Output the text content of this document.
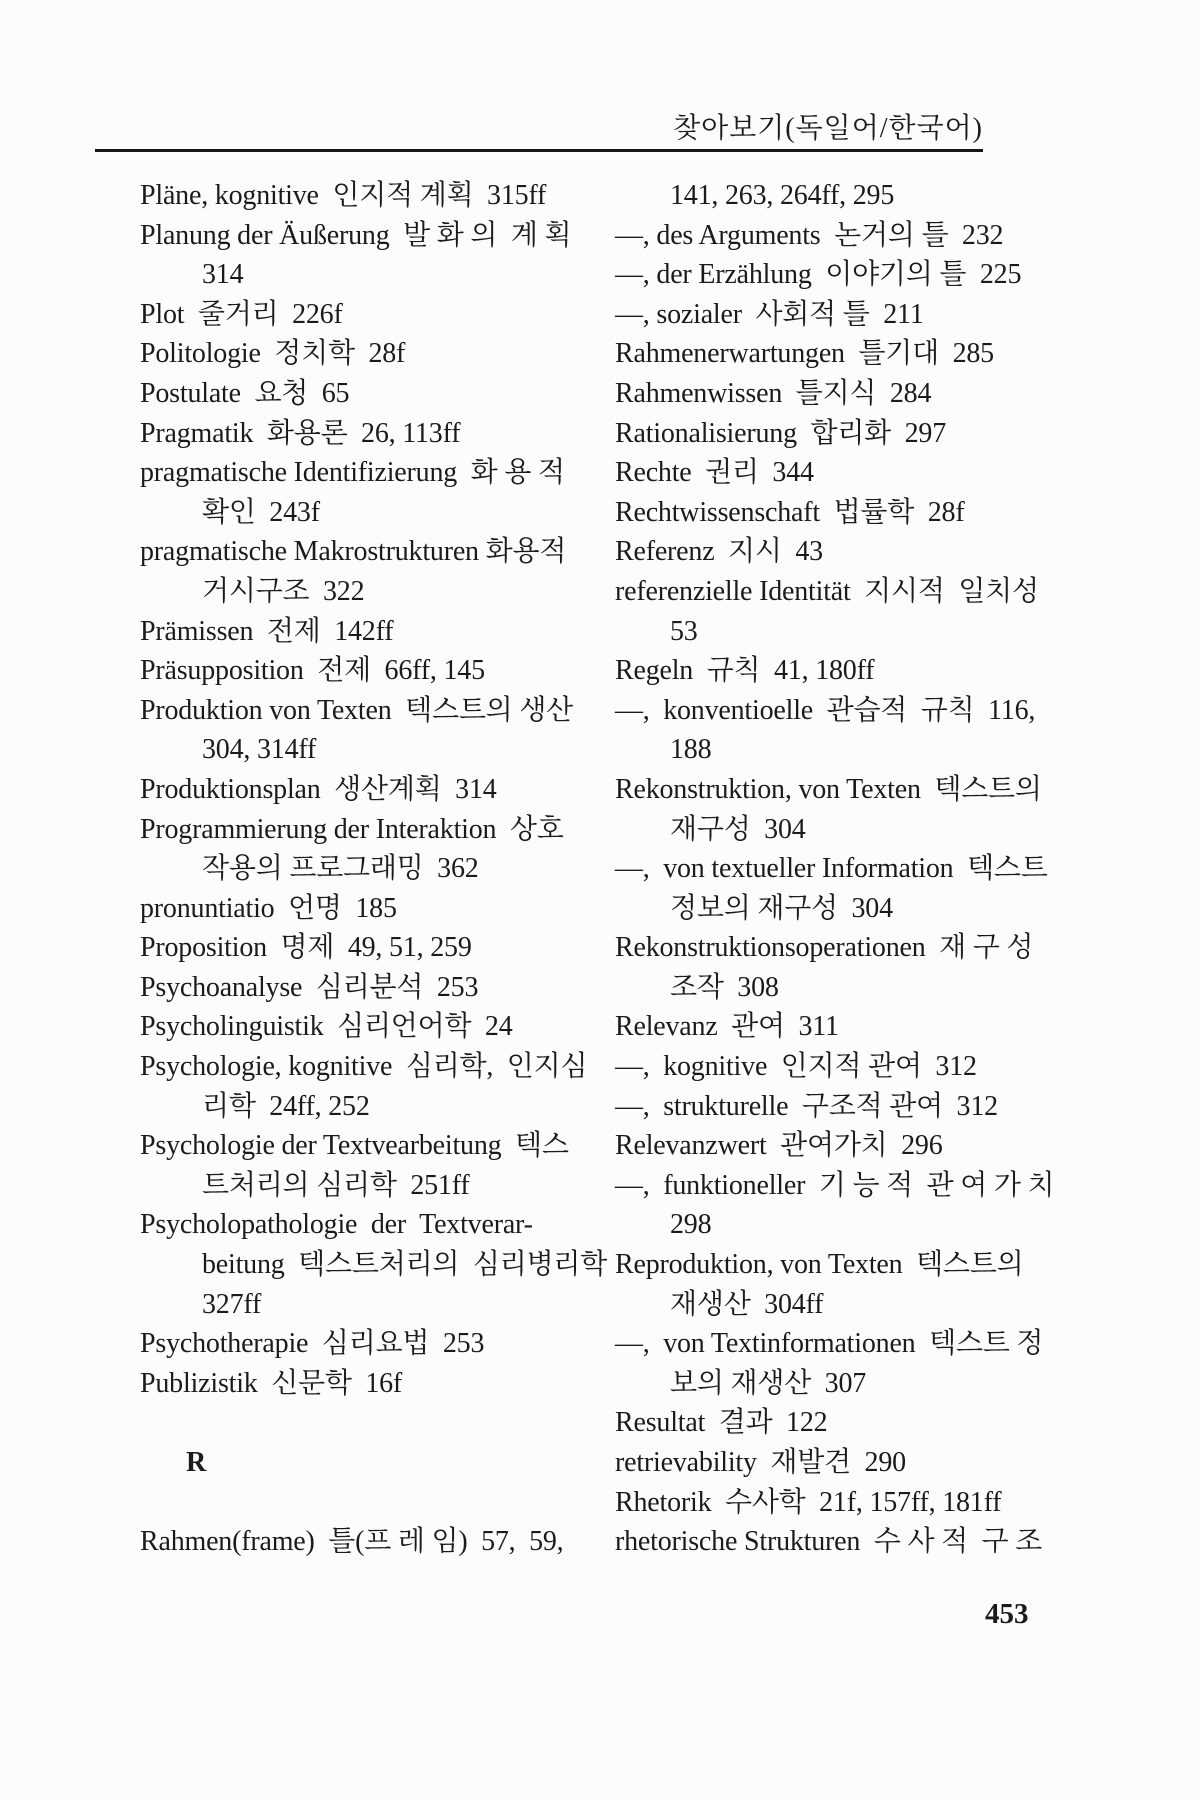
찾아보기(독일어/한국어)
Pläne, kognitive  인지적 계획  315ff
Planung der Äußerung  발 화 의  계 획
314
Plot  줄거리  226f
Politologie  정치학  28f
Postulate  요청  65
Pragmatik  화용론  26, 113ff
pragmatische Identifizierung  화 용 적
확인  243f
pragmatische Makrostrukturen 화용적
거시구조  322
Prämissen  전제  142ff
Präsupposition  전제  66ff, 145
Produktion von Texten  텍스트의 생산
304, 314ff
Produktionsplan  생산계획  314
Programmierung der Interaktion  상호
작용의 프로그래밍  362
pronuntiatio  언명  185
Proposition  명제  49, 51, 259
Psychoanalyse  심리분석  253
Psycholinguistik  심리언어학  24
Psychologie, kognitive  심리학,  인지심
리학  24ff, 252
Psychologie der Textvearbeitung  텍스
트처리의 심리학  251ff
Psycholopathologie  der  Textverar-
beitung  텍스트처리의  심리병리학
327ff
Psychotherapie  심리요법  253
Publizistik  신문학  16f

R

Rahmen(frame)  틀(프 레 임)  57,  59,
141, 263, 264ff, 295
—, des Arguments  논거의 틀  232
—, der Erzählung  이야기의 틀  225
—, sozialer  사회적 틀  211
Rahmenerwartungen  틀기대  285
Rahmenwissen  틀지식  284
Rationalisierung  합리화  297
Rechte  권리  344
Rechtwissenschaft  법률학  28f
Referenz  지시  43
referenzielle Identität  지시적  일치성
53
Regeln  규칙  41, 180ff
—,  konventioelle  관습적  규칙  116,
188
Rekonstruktion, von Texten  텍스트의
재구성  304
—,  von textueller Information  텍스트
정보의 재구성  304
Rekonstruktionsoperationen  재 구 성
조작  308
Relevanz  관여  311
—,  kognitive  인지적 관여  312
—,  strukturelle  구조적 관여  312
Relevanzwert  관여가치  296
—,  funktioneller  기 능 적  관 여 가 치
298
Reproduktion, von Texten  텍스트의
재생산  304ff
—,  von Textinformationen  텍스트 정
보의 재생산  307
Resultat  결과  122
retrievability  재발견  290
Rhetorik  수사학  21f, 157ff, 181ff
rhetorische Strukturen  수 사 적  구 조
453
